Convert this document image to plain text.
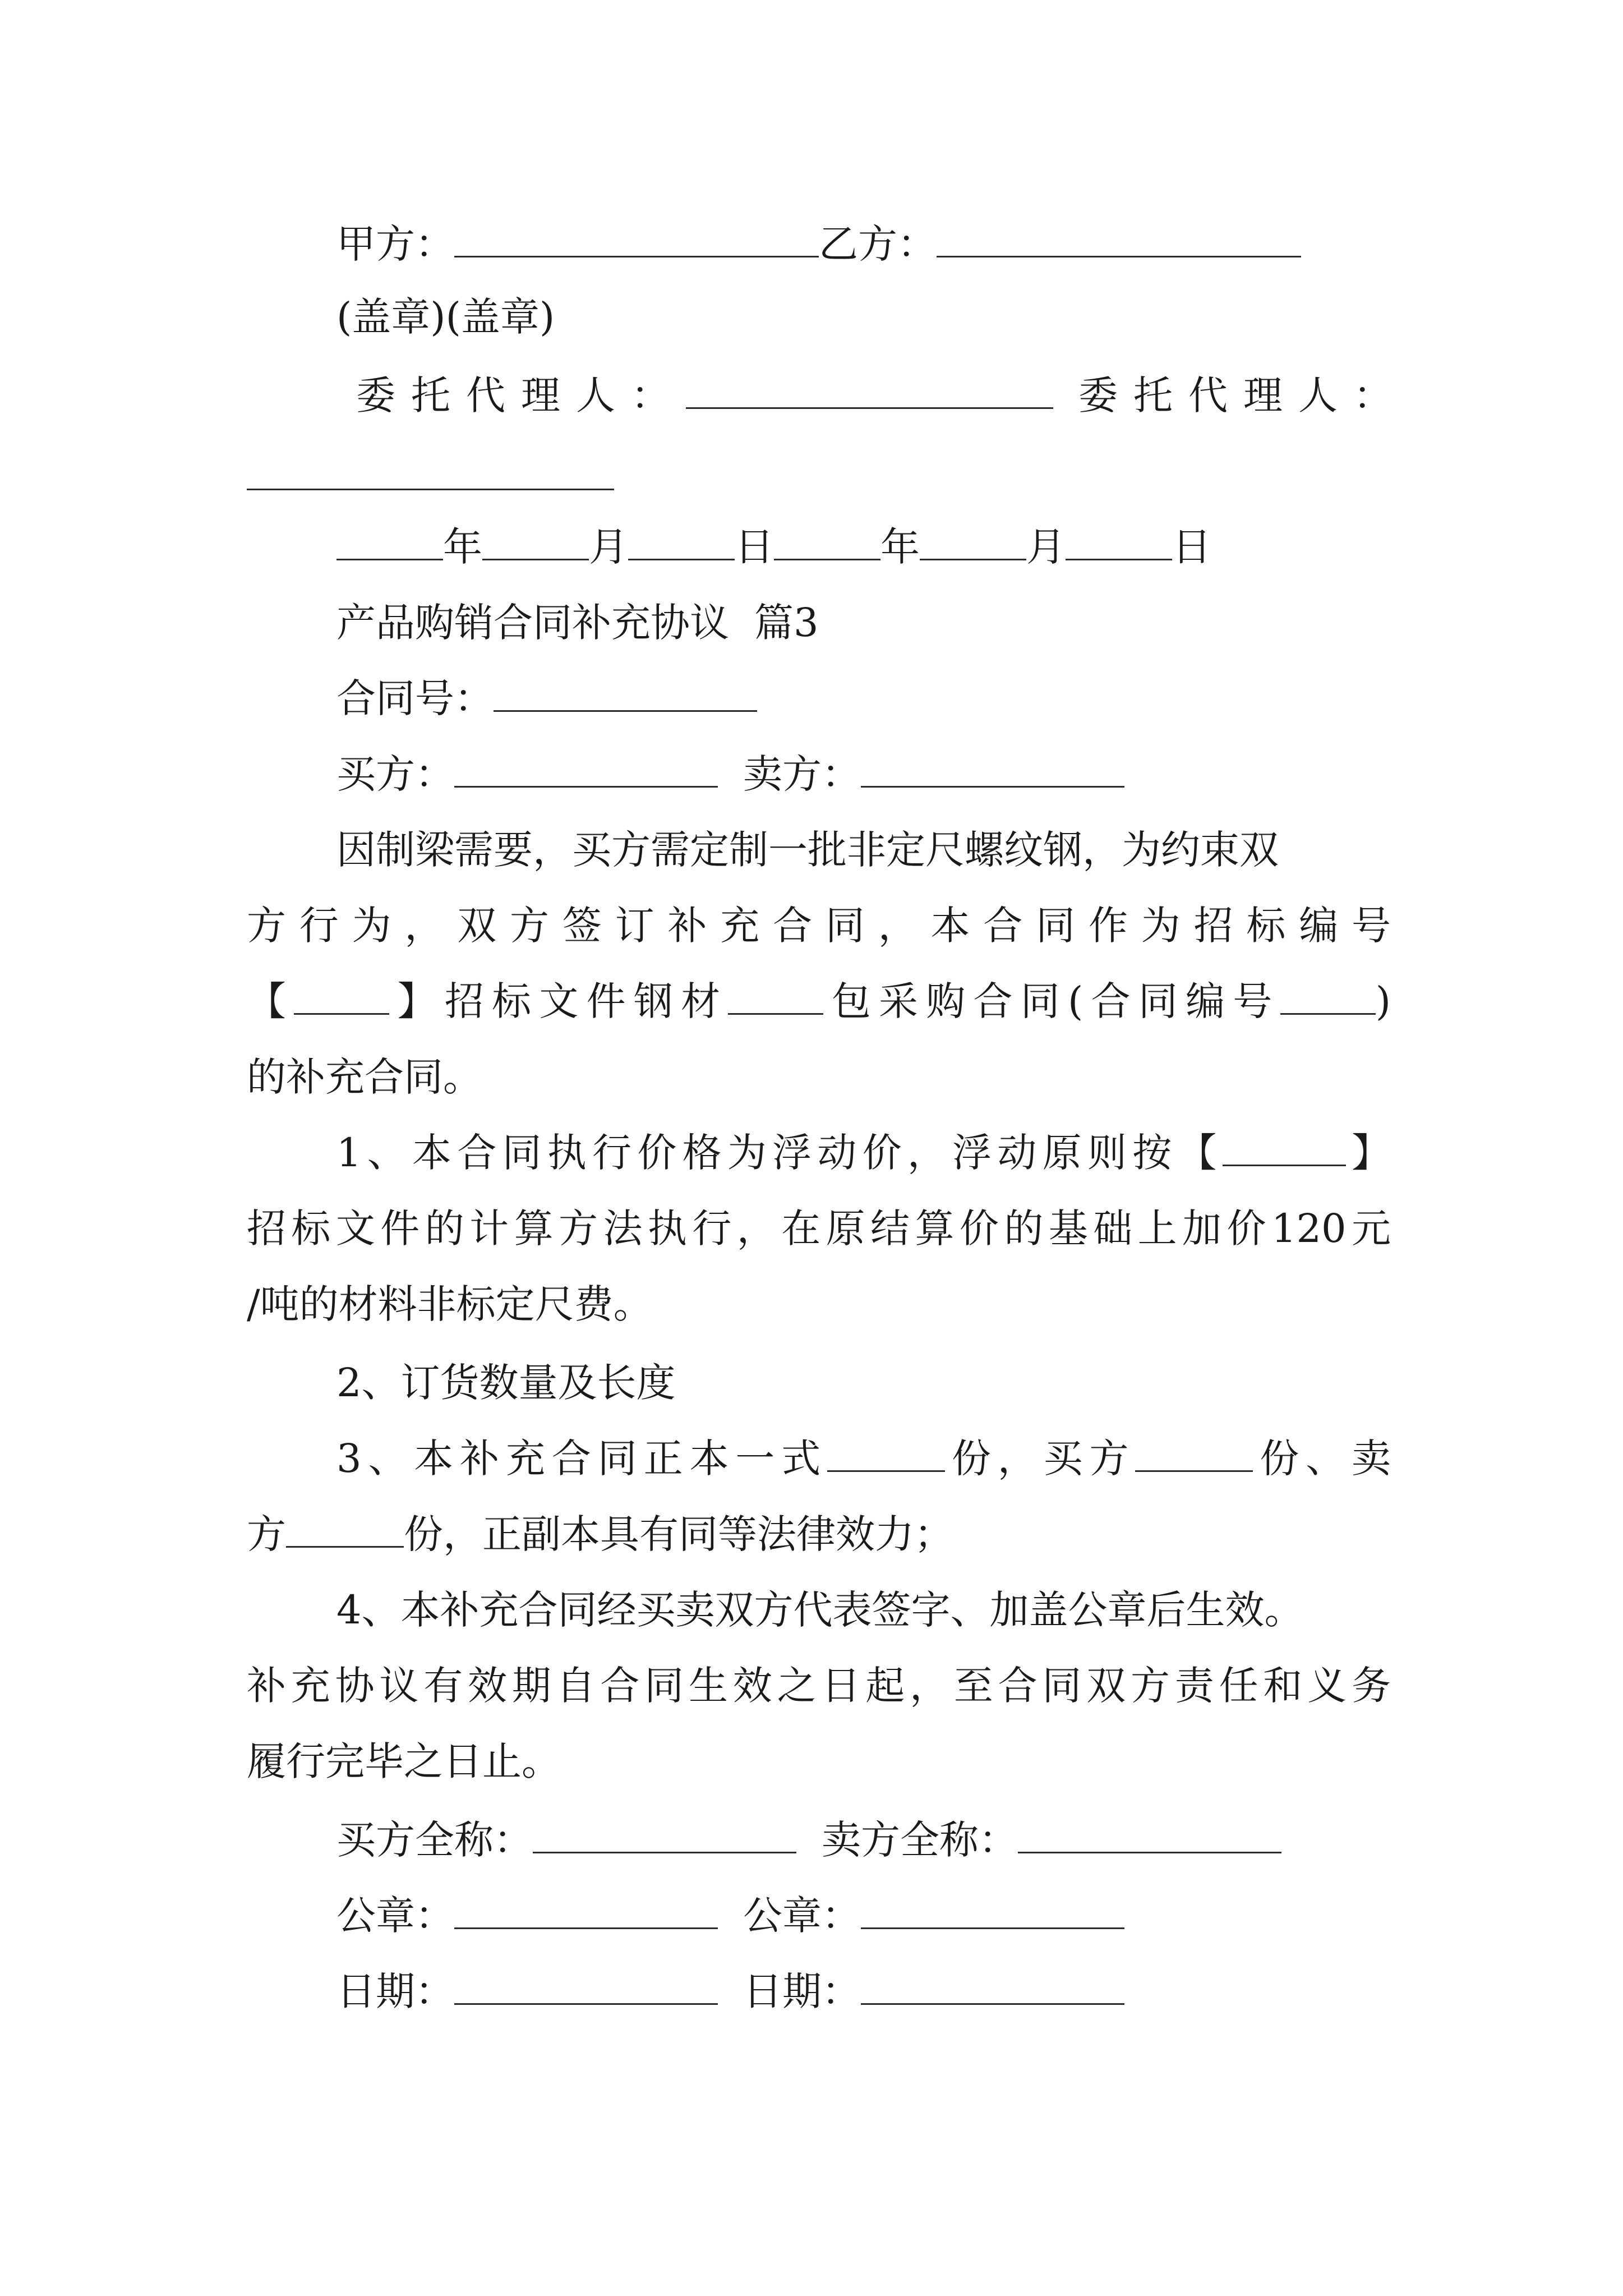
甲方：	乙方：
(盖章)(盖章)
委托代理人：	委托代理人：
年	月	日	年	月	日
产品购销合同补充协议 篇3
合同号：
买方：	卖方：
因制梁需要，买方需定制一批非定尺螺纹钢，为约束双
方行为，双方签订补充合同，本合同作为招标编号
【 】招标文件钢材 包采购合同(合同编号 )
的补充合同。
1、本合同执行价格为浮动价，浮动原则按【	】
招标文件的计算方法执行，在原结算价的基础上加价120元
/吨的材料非标定尺费。
2、订货数量及长度
3、本补充合同正本一式	份，买方	份、卖
方	份，正副本具有同等法律效力；
4、本补充合同经买卖双方代表签字、加盖公章后生效。
补充协议有效期自合同生效之日起，至合同双方责任和义务
履行完毕之日止。
买方全称：	卖方全称：
公章：	公章：
日期：	日期：
